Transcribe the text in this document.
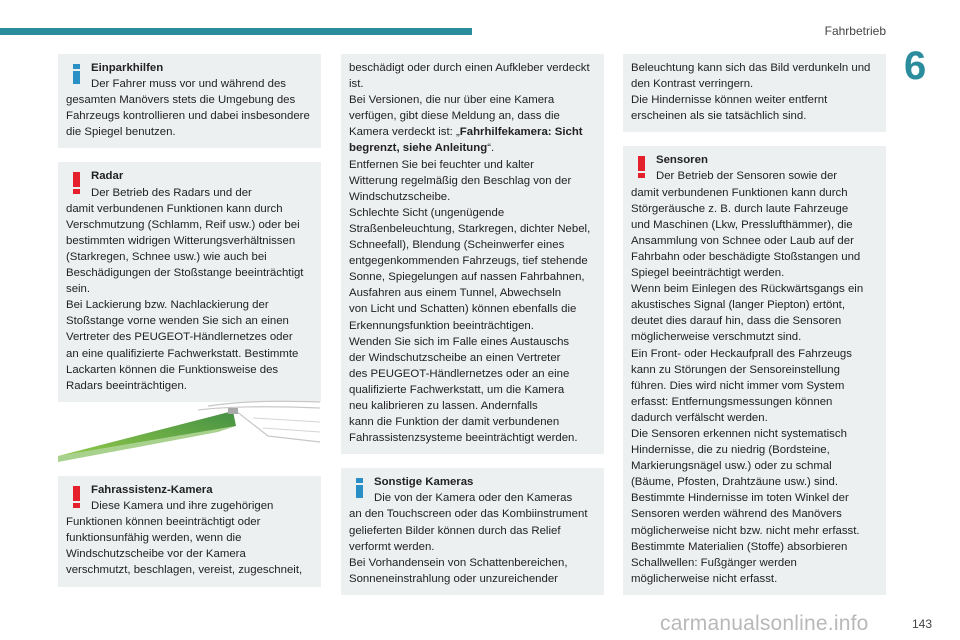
Fahrbetrieb
6

Einparkhilfen

Der Fahrer muss vor und während des

gesamten Manövers stets die Umgebung des

Fahrzeugs kontrollieren und dabei insbesondere

die Spiegel benutzen.

Radar

Der Betrieb des Radars und der

damit verbundenen Funktionen kann durch

Verschmutzung (Schlamm, Reif usw.) oder bei

bestimmten widrigen Witterungsverhältnissen

(Starkregen, Schnee usw.) wie auch bei

Beschädigungen der Stoßstange beeinträchtigt

sein.

Bei Lackierung bzw. Nachlackierung der

Stoßstange vorne wenden Sie sich an einen

Vertreter des PEUGEOT-Händlernetzes oder

an eine qualifizierte Fachwerkstatt. Bestimmte

Lackarten können die Funktionsweise des

Radars beeinträchtigen.

Fahrassistenz-Kamera

Diese Kamera und ihre zugehörigen

Funktionen können beeinträchtigt oder

funktionsunfähig werden, wenn die

Windschutzscheibe vor der Kamera

verschmutzt, beschlagen, vereist, zugeschneit,

beschädigt oder durch einen Aufkleber verdeckt

ist.

Bei Versionen, die nur über eine Kamera

verfügen, gibt diese Meldung an, dass die

Kamera verdeckt ist: „Fahrhilfekamera: Sicht

begrenzt, siehe Anleitung“.

Entfernen Sie bei feuchter und kalter

Witterung regelmäßig den Beschlag von der

Windschutzscheibe.

Schlechte Sicht (ungenügende

Straßenbeleuchtung, Starkregen, dichter Nebel,

Schneefall), Blendung (Scheinwerfer eines

entgegenkommenden Fahrzeugs, tief stehende

Sonne, Spiegelungen auf nassen Fahrbahnen,

Ausfahren aus einem Tunnel, Abwechseln

von Licht und Schatten) können ebenfalls die

Erkennungsfunktion beeinträchtigen.

Wenden Sie sich im Falle eines Austauschs

der Windschutzscheibe an einen Vertreter

des PEUGEOT-Händlernetzes oder an eine

qualifizierte Fachwerkstatt, um die Kamera

neu kalibrieren zu lassen. Andernfalls

kann die Funktion der damit verbundenen

Fahrassistenzsysteme beeinträchtigt werden.

Sonstige Kameras

Die von der Kamera oder den Kameras

an den Touchscreen oder das Kombiinstrument

gelieferten Bilder können durch das Relief

verformt werden.

Bei Vorhandensein von Schattenbereichen,

Sonneneinstrahlung oder unzureichender

Beleuchtung kann sich das Bild verdunkeln und

den Kontrast verringern.

Die Hindernisse können weiter entfernt

erscheinen als sie tatsächlich sind.

Sensoren

Der Betrieb der Sensoren sowie der

damit verbundenen Funktionen kann durch

Störgeräusche z. B. durch laute Fahrzeuge

und Maschinen (Lkw, Presslufthämmer), die

Ansammlung von Schnee oder Laub auf der

Fahrbahn oder beschädigte Stoßstangen und

Spiegel beeinträchtigt werden.

Wenn beim Einlegen des Rückwärtsgangs ein

akustisches Signal (langer Piepton) ertönt,

deutet dies darauf hin, dass die Sensoren

möglicherweise verschmutzt sind.

Ein Front- oder Heckaufprall des Fahrzeugs

kann zu Störungen der Sensoreinstellung

führen. Dies wird nicht immer vom System

erfasst: Entfernungsmessungen können

dadurch verfälscht werden.

Die Sensoren erkennen nicht systematisch

Hindernisse, die zu niedrig (Bordsteine,

Markierungsnägel usw.) oder zu schmal

(Bäume, Pfosten, Drahtzäune usw.) sind.

Bestimmte Hindernisse im toten Winkel der

Sensoren werden während des Manövers

möglicherweise nicht bzw. nicht mehr erfasst.

Bestimmte Materialien (Stoffe) absorbieren

Schallwellen: Fußgänger werden

möglicherweise nicht erfasst.

carmanualsonline.info	143
